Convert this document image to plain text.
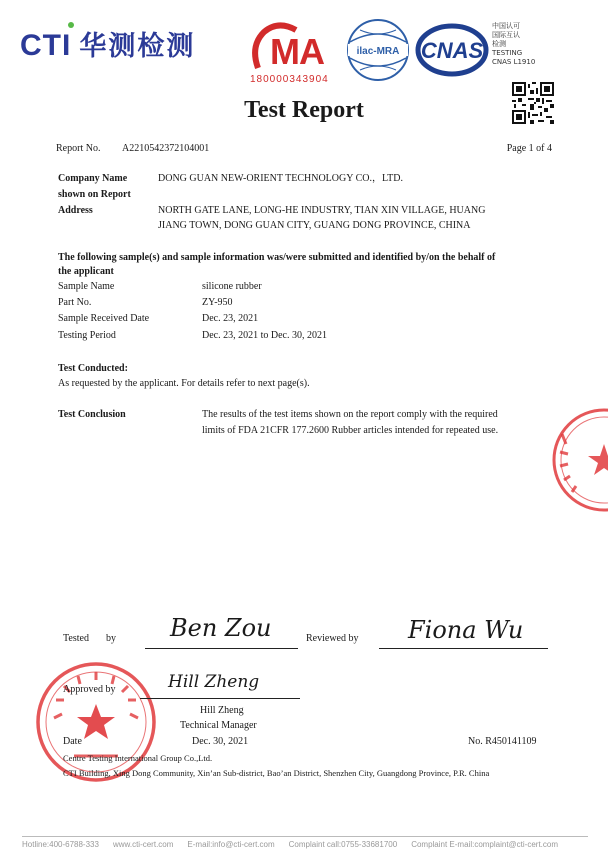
CTI 华测检测	MA
180000343904
ilac-MRA CNAS
中国认可
国际互认
检测
TESTING
CNAS L1910
Test Report
Report No. A2210542372104001	Page 1 of 4
Company Name
shown on Report
DONG GUAN NEW-ORIENT TECHNOLOGY CO.，LTD.
Address	NORTH GATE LANE, LONG-HE INDUSTRY, TIAN XIN VILLAGE, HUANG
JIANG TOWN, DONG GUAN CITY, GUANG DONG PROVINCE, CHINA
The following sample(s) and sample information was/were submitted and identified by/on the behalf of
the applicant
Sample Name	silicone rubber
Part No.	ZY-950
Sample Received Date	Dec. 23, 2021
Testing Period	Dec. 23, 2021 to Dec. 30, 2021
Test Conducted:
As requested by the applicant. For details refer to next page(s).
Test Conclusion	The results of the test items shown on the report comply with the required
limits of FDA 21CFR 177.2600 Rubber articles intended for repeated use.
Tested by Ben Zou	Reviewed by Fiona Wu
Approved by	Hill Zheng
Hill Zheng
Technical Manager
Date	Dec. 30, 2021	No. R450141109
Centre Testing International Group Co.,Ltd.
CTI Building, Xing Dong Community, Xin’an Sub-district, Bao’an District, Shenzhen City, Guangdong Province, P.R. China
Hotline:400-6788-333 www.cti-cert.com E-mail:info@cti-cert.com Complaint call:0755-33681700 Complaint E-mail:complaint@cti-cert.com
